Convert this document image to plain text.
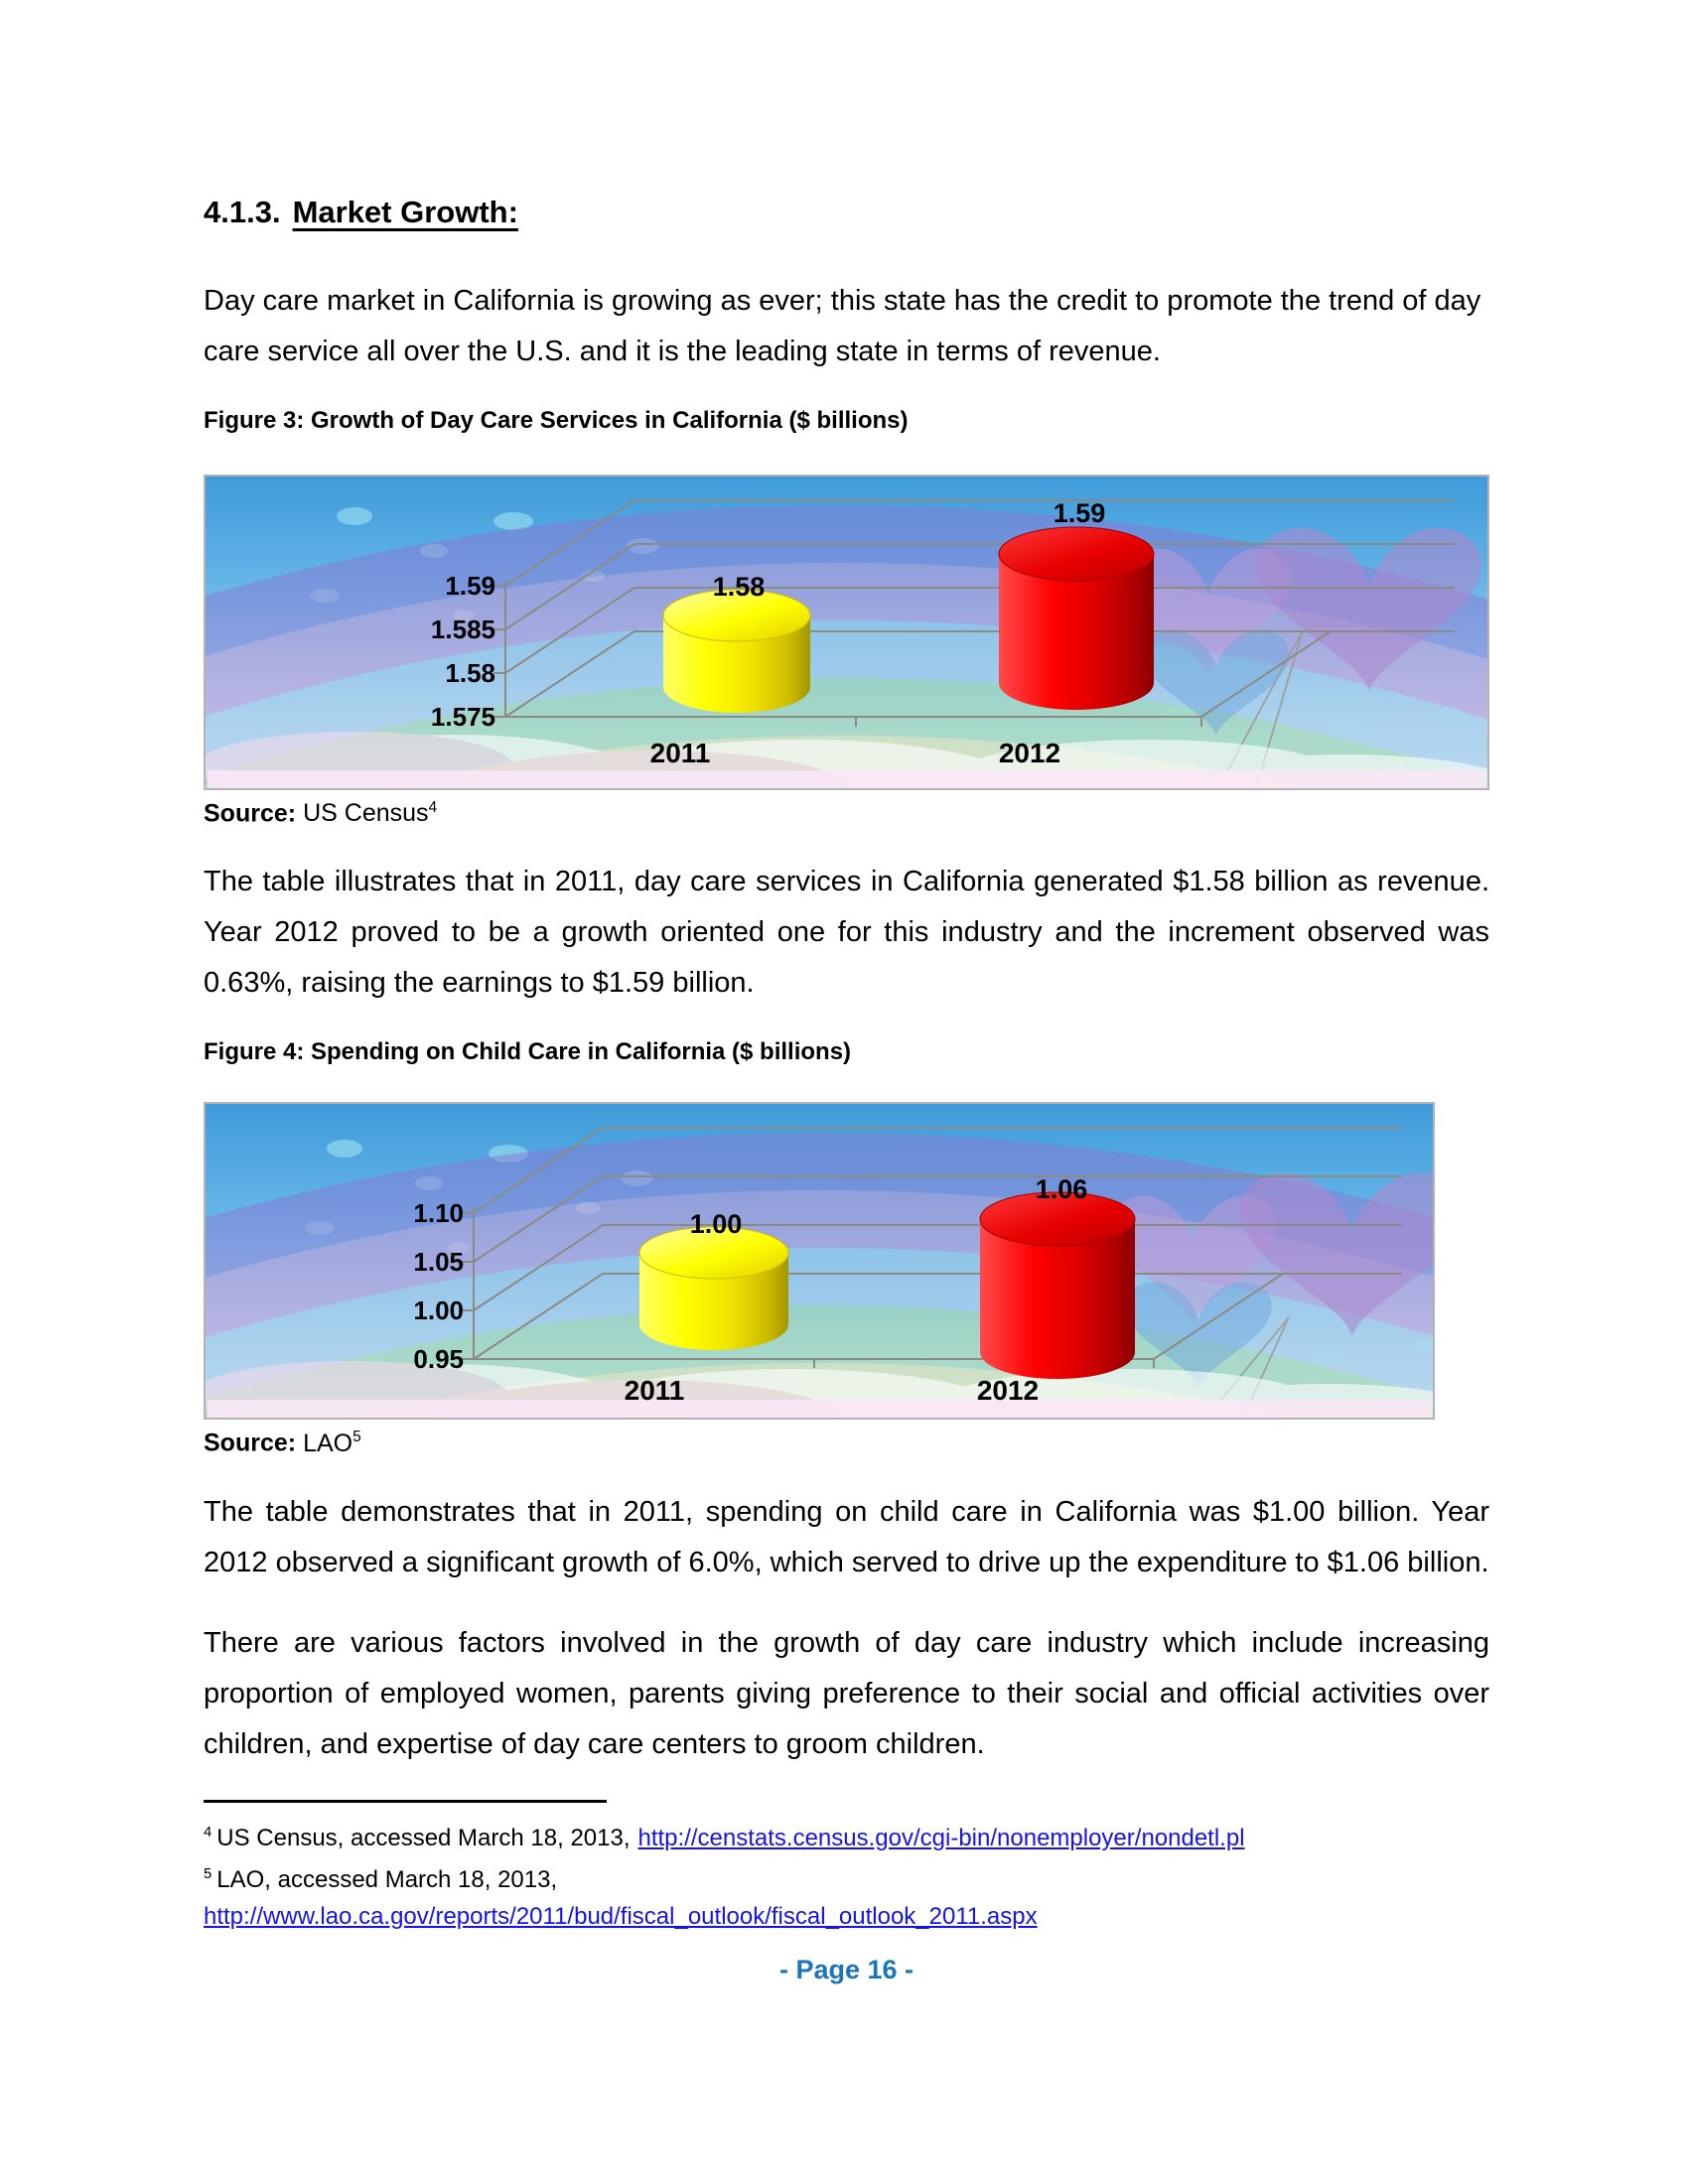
4.1.3. Market Growth:

Day care market in California is growing as ever; this state has the credit to promote the trend of day care service all over the U.S. and it is the leading state in terms of revenue.

Figure 3: Growth of Day Care Services in California ($ billions)

1.59
1.585
1.58
1.575
1.58
1.59
2011	2012

Source: US Census$^4$

The table illustrates that in 2011, day care services in California generated $1.58 billion as revenue. Year 2012 proved to be a growth oriented one for this industry and the increment observed was 0.63%, raising the earnings to $1.59 billion.

Figure 4: Spending on Child Care in California ($ billions)

1.10
1.05
1.00
0.95
1.00
1.06
2011	2012

Source: LAO$^5$

The table demonstrates that in 2011, spending on child care in California was $1.00 billion. Year 2012 observed a significant growth of 6.0%, which served to drive up the expenditure to $1.06 billion.

There are various factors involved in the growth of day care industry which include increasing proportion of employed women, parents giving preference to their social and official activities over children, and expertise of day care centers to groom children.

$^4$ US Census, accessed March 18, 2013, http://censtats.census.gov/cgi-bin/nonemployer/nondetl.pl

$^5$ LAO, accessed March 18, 2013,

http://www.lao.ca.gov/reports/2011/bud/fiscal_outlook/fiscal_outlook_2011.aspx

- Page 16 -
